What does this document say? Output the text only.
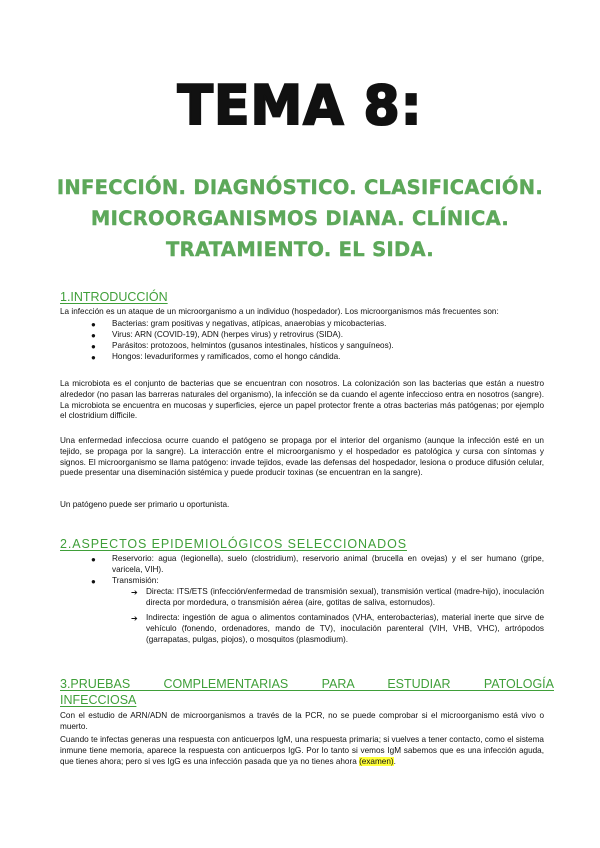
TEMA 8:
INFECCIÓN. DIAGNÓSTICO. CLASIFICACIÓN.
MICROORGANISMOS DIANA. CLÍNICA.
TRATAMIENTO. EL SIDA.
1.INTRODUCCIÓN
La infección es un ataque de un microorganismo a un individuo (hospedador). Los microorganismos más frecuentes son:
● Bacterias: gram positivas y negativas, atípicas, anaerobias y micobacterias.
● Virus: ARN (COVID-19), ADN (herpes virus) y retrovirus (SIDA).
● Parásitos: protozoos, helmintos (gusanos intestinales, hísticos y sanguíneos).
● Hongos: levaduriformes y ramificados, como el hongo cándida.
La microbiota es el conjunto de bacterias que se encuentran con nosotros. La colonización son las bacterias que están a nuestro alrededor (no pasan las barreras naturales del organismo), la infección se da cuando el agente infeccioso entra en nosotros (sangre). La microbiota se encuentra en mucosas y superficies, ejerce un papel protector frente a otras bacterias más patógenas; por ejemplo el clostridium difficile.
Una enfermedad infecciosa ocurre cuando el patógeno se propaga por el interior del organismo (aunque la infección esté en un tejido, se propaga por la sangre). La interacción entre el microorganismo y el hospedador es patológica y cursa con síntomas y signos. El microorganismo se llama patógeno: invade tejidos, evade las defensas del hospedador, lesiona o produce difusión celular, puede presentar una diseminación sistémica y puede producir toxinas (se encuentran en la sangre).
Un patógeno puede ser primario u oportunista.
2.ASPECTOS EPIDEMIOLÓGICOS SELECCIONADOS
● Reservorio: agua (legionella), suelo (clostridium), reservorio animal (brucella en ovejas) y el ser humano (gripe, varicela, VIH).
● Transmisión:
➔ Directa: ITS/ETS (infección/enfermedad de transmisión sexual), transmisión vertical (madre-hijo), inoculación directa por mordedura, o transmisión aérea (aire, gotitas de saliva, estornudos).
➔ Indirecta: ingestión de agua o alimentos contaminados (VHA, enterobacterias), material inerte que sirve de vehículo (fonendo, ordenadores, mando de TV), inoculación parenteral (VIH, VHB, VHC), artrópodos (garrapatas, pulgas, piojos), o mosquitos (plasmodium).
3.PRUEBAS COMPLEMENTARIAS PARA ESTUDIAR PATOLOGÍA
INFECCIOSA
Con el estudio de ARN/ADN de microorganismos a través de la PCR, no se puede comprobar si el microorganismo está vivo o muerto.
Cuando te infectas generas una respuesta con anticuerpos IgM, una respuesta primaria; si vuelves a tener contacto, como el sistema inmune tiene memoria, aparece la respuesta con anticuerpos IgG. Por lo tanto si vemos IgM sabemos que es una infección aguda, que tienes ahora; pero si ves IgG es una infección pasada que ya no tienes ahora (examen).
